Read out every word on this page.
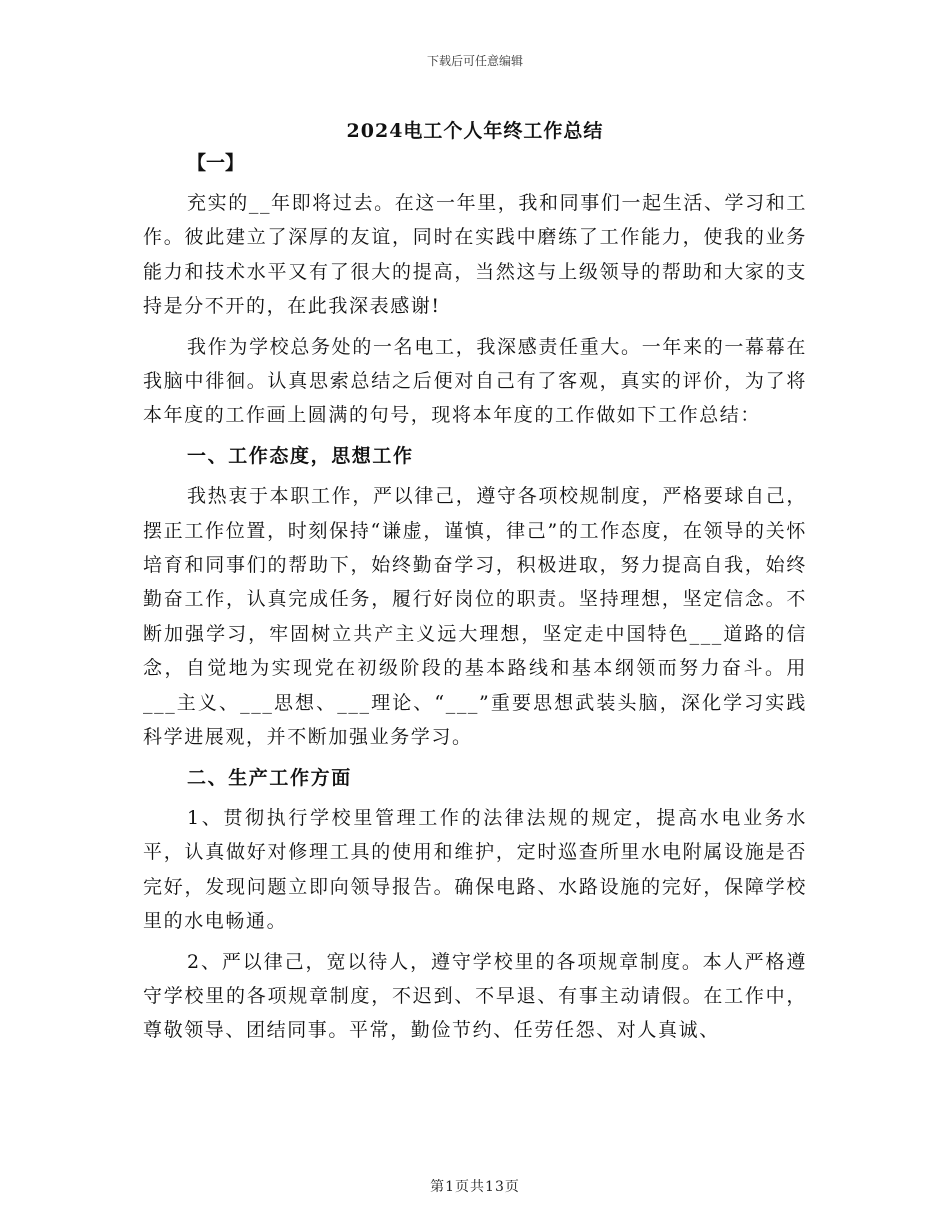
下载后可任意编辑
2024电工个人年终工作总结
【一】

充实的__年即将过去。在这一年里，我和同事们一起生活、学习和工作。彼此建立了深厚的友谊，同时在实践中磨练了工作能力，使我的业务能力和技术水平又有了很大的提高，当然这与上级领导的帮助和大家的支持是分不开的，在此我深表感谢!

我作为学校总务处的一名电工，我深感责任重大。一年来的一幕幕在我脑中徘徊。认真思索总结之后便对自己有了客观，真实的评价，为了将本年度的工作画上圆满的句号，现将本年度的工作做如下工作总结：

一、工作态度，思想工作

我热衷于本职工作，严以律己，遵守各项校规制度，严格要球自己，摆正工作位置，时刻保持“谦虚，谨慎，律己”的工作态度，在领导的关怀培育和同事们的帮助下，始终勤奋学习，积极进取，努力提高自我，始终勤奋工作，认真完成任务，履行好岗位的职责。坚持理想，坚定信念。不断加强学习，牢固树立共产主义远大理想，坚定走中国特色___道路的信念，自觉地为实现党在初级阶段的基本路线和基本纲领而努力奋斗。用___主义、___思想、___理论、“___”重要思想武装头脑，深化学习实践科学进展观，并不断加强业务学习。

二、生产工作方面

1、贯彻执行学校里管理工作的法律法规的规定，提高水电业务水平，认真做好对修理工具的使用和维护，定时巡查所里水电附属设施是否完好，发现问题立即向领导报告。确保电路、水路设施的完好，保障学校里的水电畅通。

2、严以律己，宽以待人，遵守学校里的各项规章制度。本人严格遵守学校里的各项规章制度，不迟到、不早退、有事主动请假。在工作中，尊敬领导、团结同事。平常，勤俭节约、任劳任怨、对人真诚、

第1页共13页
